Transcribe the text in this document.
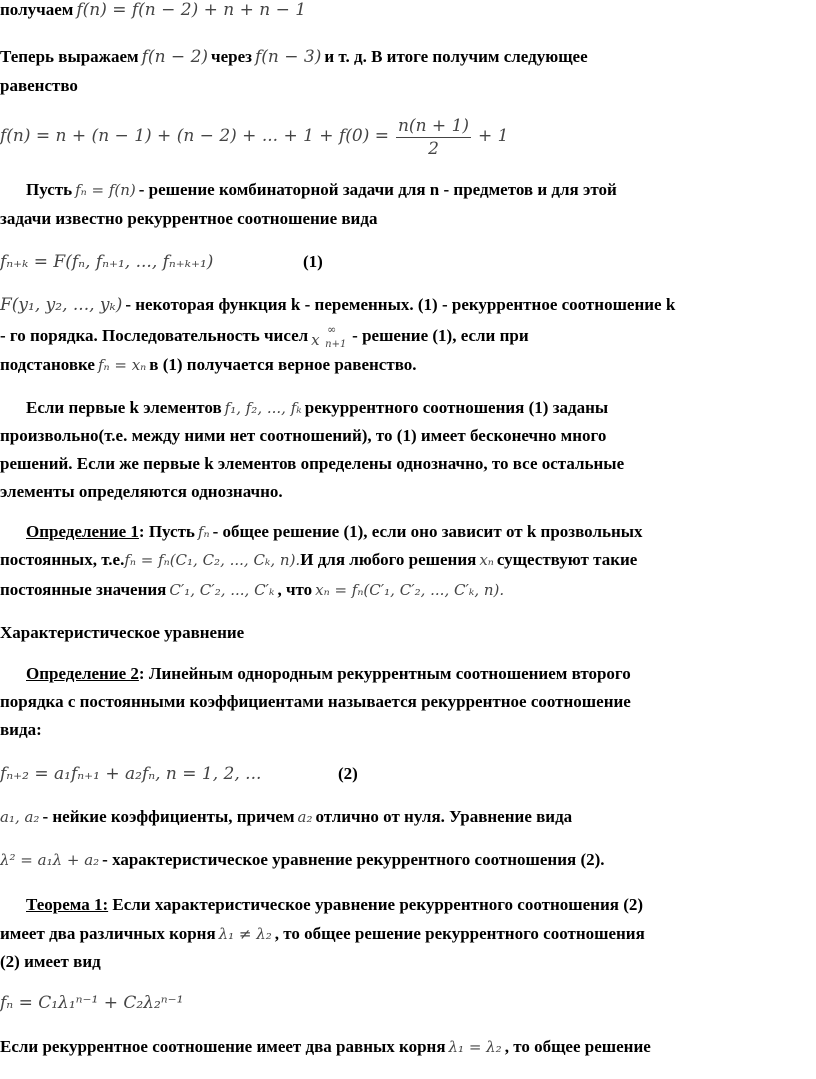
получаем f(n) = f(n − 2) + n + n − 1
Теперь выражаем f(n − 2) через f(n − 3) и т. д. В итоге получим следующее
равенство
f(n) = n + (n − 1) + (n − 2) + ... + $1 + f(0) = \frac{n(n + 1)}{2} + 1$
Пусть fₙ = f(n) - решение комбинаторной задачи для n - предметов и для этой
задачи известно рекуррентное соотношение вида
fₙ₊ₖ = F(fₙ, fₙ₊₁, ..., fₙ₊ₖ₊₁)	(1)
F(y₁, y₂, ..., yₖ) - некоторая функция k - переменных. (1) - рекуррентное соотношение k
- го порядка. Последовательность чисел x
∞
n+1 - решение (1), если при
подстановке fₙ = xₙ в (1) получается верное равенство.
Если первые k элементов f₁, f₂, ..., fₖ рекуррентного соотношения (1) заданы
произвольно(т.е. между ними нет соотношений), то (1) имеет бесконечно много
решений. Если же первые k элементов определены однозначно, то все остальные
элементы определяются однозначно.
Определение 1: Пусть fₙ - общее решение (1), если оно зависит от k прозвольных
постоянных, т.е.fₙ = fₙ(C₁, C₂, ..., Cₖ, n).И для любого решения xₙ существуют такие
постоянные значения C′₁, C′₂, ..., C′ₖ , что xₙ = fₙ(C′₁, C′₂, ..., C′ₖ, n).
Характеристическое уравнение
Определение 2: Линейным однородным рекуррентным соотношением второго
порядка с постоянными коэффициентами называется рекуррентное соотношение
вида:
fₙ₊₂ = a₁fₙ₊₁ + a₂fₙ, n = 1, 2, ...	(2)
a₁, a₂ - нейкие коэффициенты, причем a₂ отлично от нуля. Уравнение вида
λ² = a₁λ + a₂ - характеристическое уравнение рекуррентного соотношения (2).
Теорема 1: Если характеристическое уравнение рекуррентного соотношения (2)
имеет два различных корня λ₁ ≠ λ₂ , то общее решение рекуррентного соотношения
(2) имеет вид
fₙ = C₁λ₁ⁿ⁻¹ + C₂λ₂ⁿ⁻¹
Если рекуррентное соотношение имеет два равных корня λ₁ = λ₂ , то общее решение
